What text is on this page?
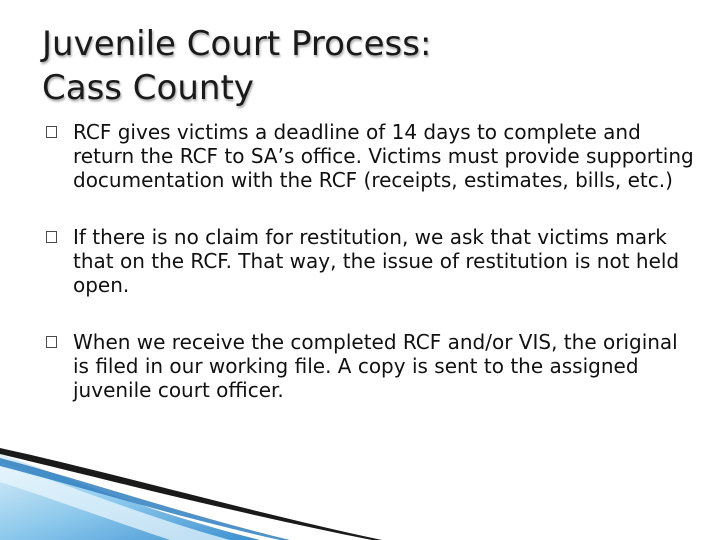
Juvenile Court Process:
Cass County
RCF gives victims a deadline of 14 days to complete and return the RCF to SA’s office. Victims must provide supporting documentation with the RCF (receipts, estimates, bills, etc.)
If there is no claim for restitution, we ask that victims mark that on the RCF. That way, the issue of restitution is not held open.
When we receive the completed RCF and/or VIS, the original is filed in our working file. A copy is sent to the assigned juvenile court officer.
